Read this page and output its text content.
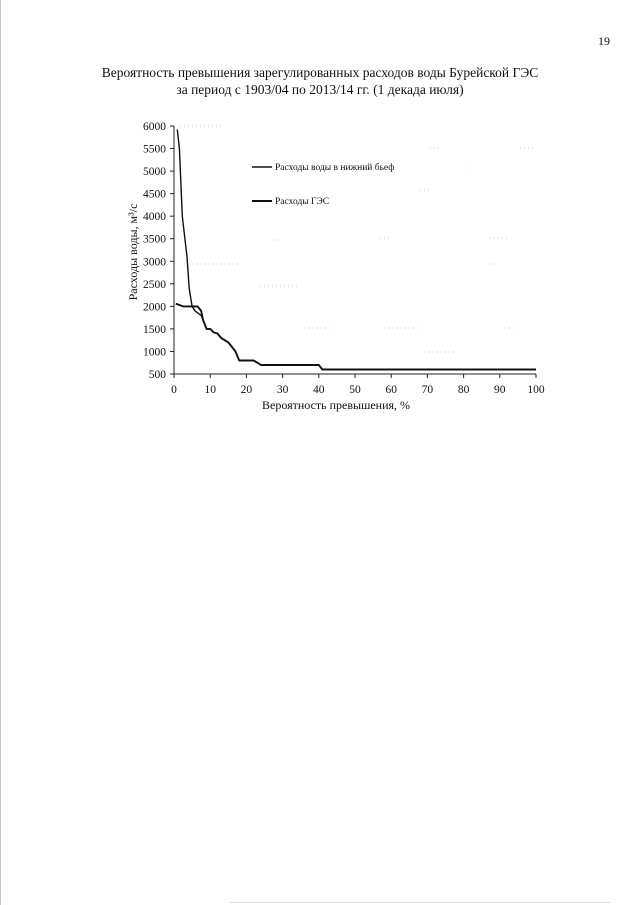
19
Вероятность превышения зарегулированных расходов воды Бурейской ГЭС
за период с 1903/04 по 2013/14 гг. (1 декада июля)
6000
5500
5000
4500
4000
3500
3000
2500
2000
1500
1000
500
0 10 20 30 40 50 60 70 80 90 100
Вероятность превышения, %
Расходы воды, м³/с
Расходы воды в нижний бьеф
Расходы ГЭС
